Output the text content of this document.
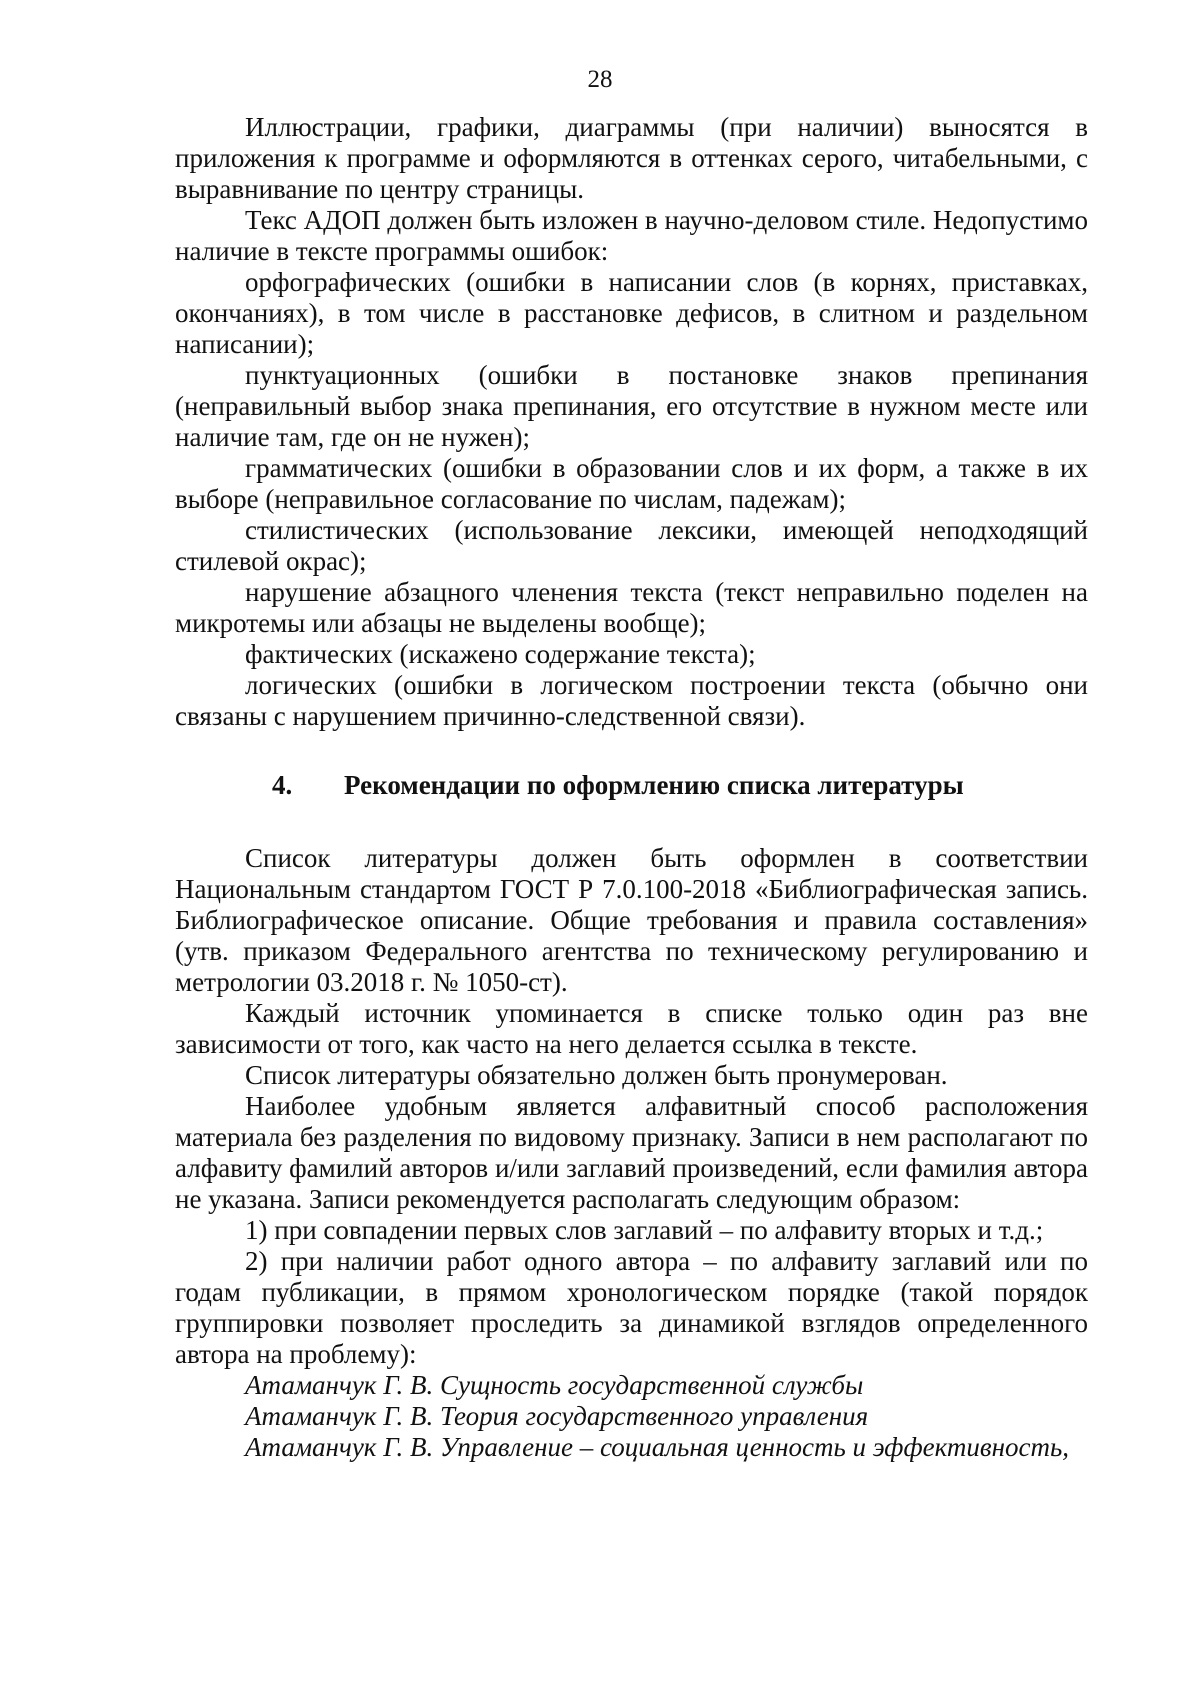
28

Иллюстрации, графики, диаграммы (при наличии) выносятся в приложения к программе и оформляются в оттенках серого, читабельными, с выравнивание по центру страницы.

Текс АДОП должен быть изложен в научно-деловом стиле. Недопустимо наличие в тексте программы ошибок:

орфографических (ошибки в написании слов (в корнях, приставках, окончаниях), в том числе в расстановке дефисов, в слитном и раздельном написании);

пунктуационных (ошибки в постановке знаков препинания (неправильный выбор знака препинания, его отсутствие в нужном месте или наличие там, где он не нужен);

грамматических (ошибки в образовании слов и их форм, а также в их выборе (неправильное согласование по числам, падежам);

стилистических (использование лексики, имеющей неподходящий стилевой окрас);

нарушение абзацного членения текста (текст неправильно поделен на микротемы или абзацы не выделены вообще);

фактических (искажено содержание текста);

логических (ошибки в логическом построении текста (обычно они связаны с нарушением причинно-следственной связи).

4.	Рекомендации по оформлению списка литературы

Список литературы должен быть оформлен в соответствии Национальным стандартом ГОСТ Р 7.0.100-2018 «Библиографическая запись. Библиографическое описание. Общие требования и правила составления» (утв. приказом Федерального агентства по техническому регулированию и метрологии 03.2018 г. № 1050-ст).

Каждый источник упоминается в списке только один раз вне зависимости от того, как часто на него делается ссылка в тексте.

Список литературы обязательно должен быть пронумерован.

Наиболее удобным является алфавитный способ расположения материала без разделения по видовому признаку. Записи в нем располагают по алфавиту фамилий авторов и/или заглавий произведений, если фамилия автора не указана. Записи рекомендуется располагать следующим образом:

1) при совпадении первых слов заглавий – по алфавиту вторых и т.д.;

2) при наличии работ одного автора – по алфавиту заглавий или по годам публикации, в прямом хронологическом порядке (такой порядок группировки позволяет проследить за динамикой взглядов определенного автора на проблему):

Атаманчук Г. В. Сущность государственной службы

Атаманчук Г. В. Теория государственного управления

Атаманчук Г. В. Управление – социальная ценность и эффективность,
